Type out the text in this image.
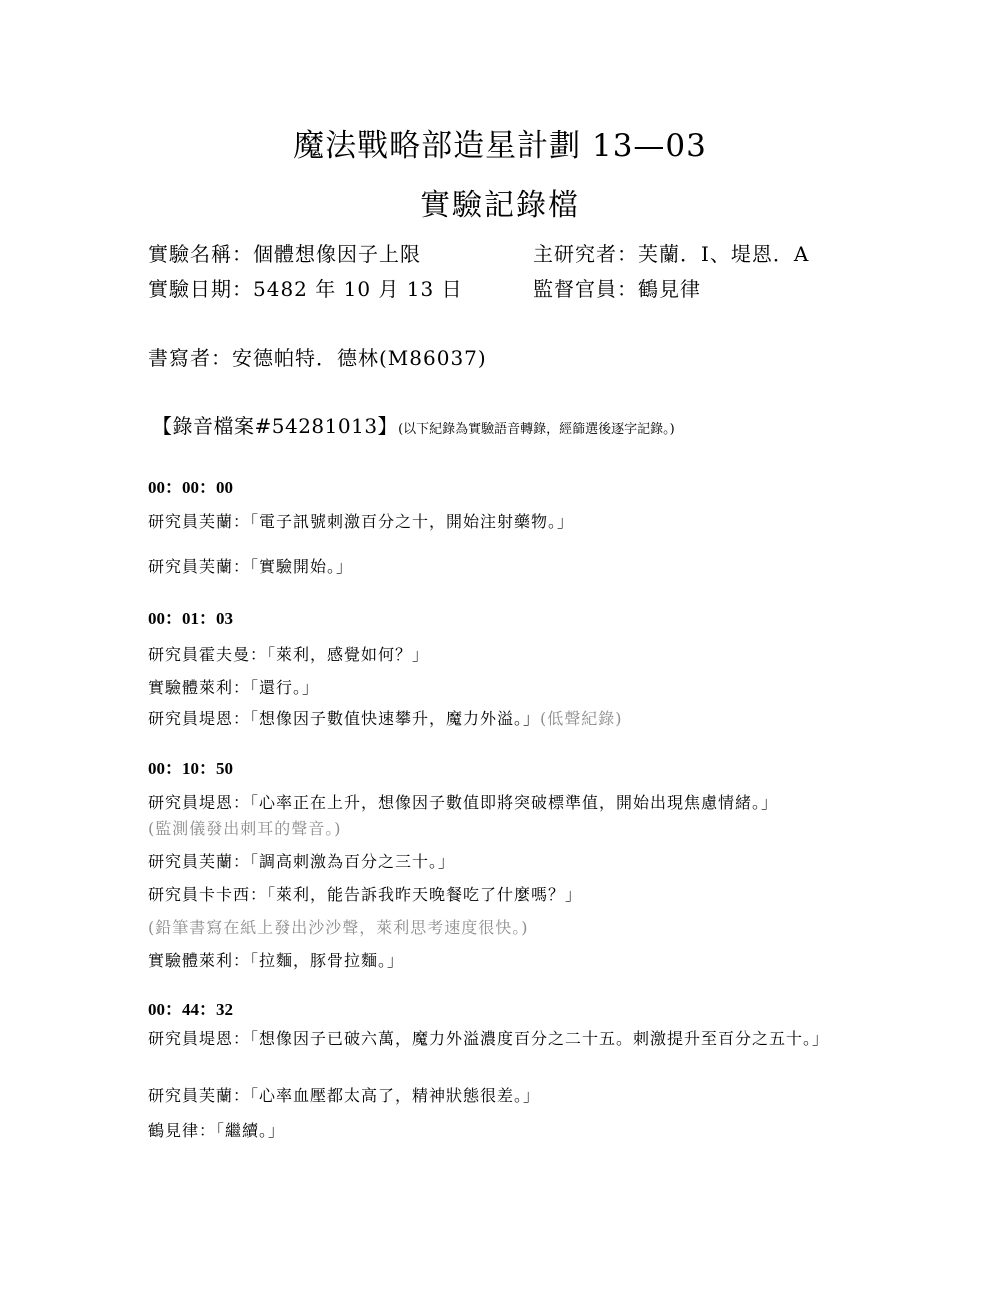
魔法戰略部造星計劃 13—03
實驗記錄檔
實驗名稱：個體想像因子上限	主研究者：芙蘭．I、堤恩．A
實驗日期：5482 年 10 月 13 日	監督官員：鶴見律
書寫者：安德帕特．德林(M86037)
【錄音檔案#54281013】(以下紀錄為實驗語音轉錄，經篩選後逐字記錄。)
00：00：00
研究員芙蘭：「電子訊號刺激百分之十，開始注射藥物。」
研究員芙蘭：「實驗開始。」
00：01：03
研究員霍夫曼：「萊利，感覺如何？」
實驗體萊利：「還行。」
研究員堤恩：「想像因子數值快速攀升，魔力外溢。」(低聲紀錄)
00：10：50
研究員堤恩：「心率正在上升，想像因子數值即將突破標準值，開始出現焦慮情緒。」
(監測儀發出刺耳的聲音。)
研究員芙蘭：「調高刺激為百分之三十。」
研究員卡卡西：「萊利，能告訴我昨天晚餐吃了什麼嗎？」
(鉛筆書寫在紙上發出沙沙聲，萊利思考速度很快。)
實驗體萊利：「拉麵，豚骨拉麵。」
00：44：32
研究員堤恩：「想像因子已破六萬，魔力外溢濃度百分之二十五。刺激提升至百分之五十。」
研究員芙蘭：「心率血壓都太高了，精神狀態很差。」
鶴見律：「繼續。」
